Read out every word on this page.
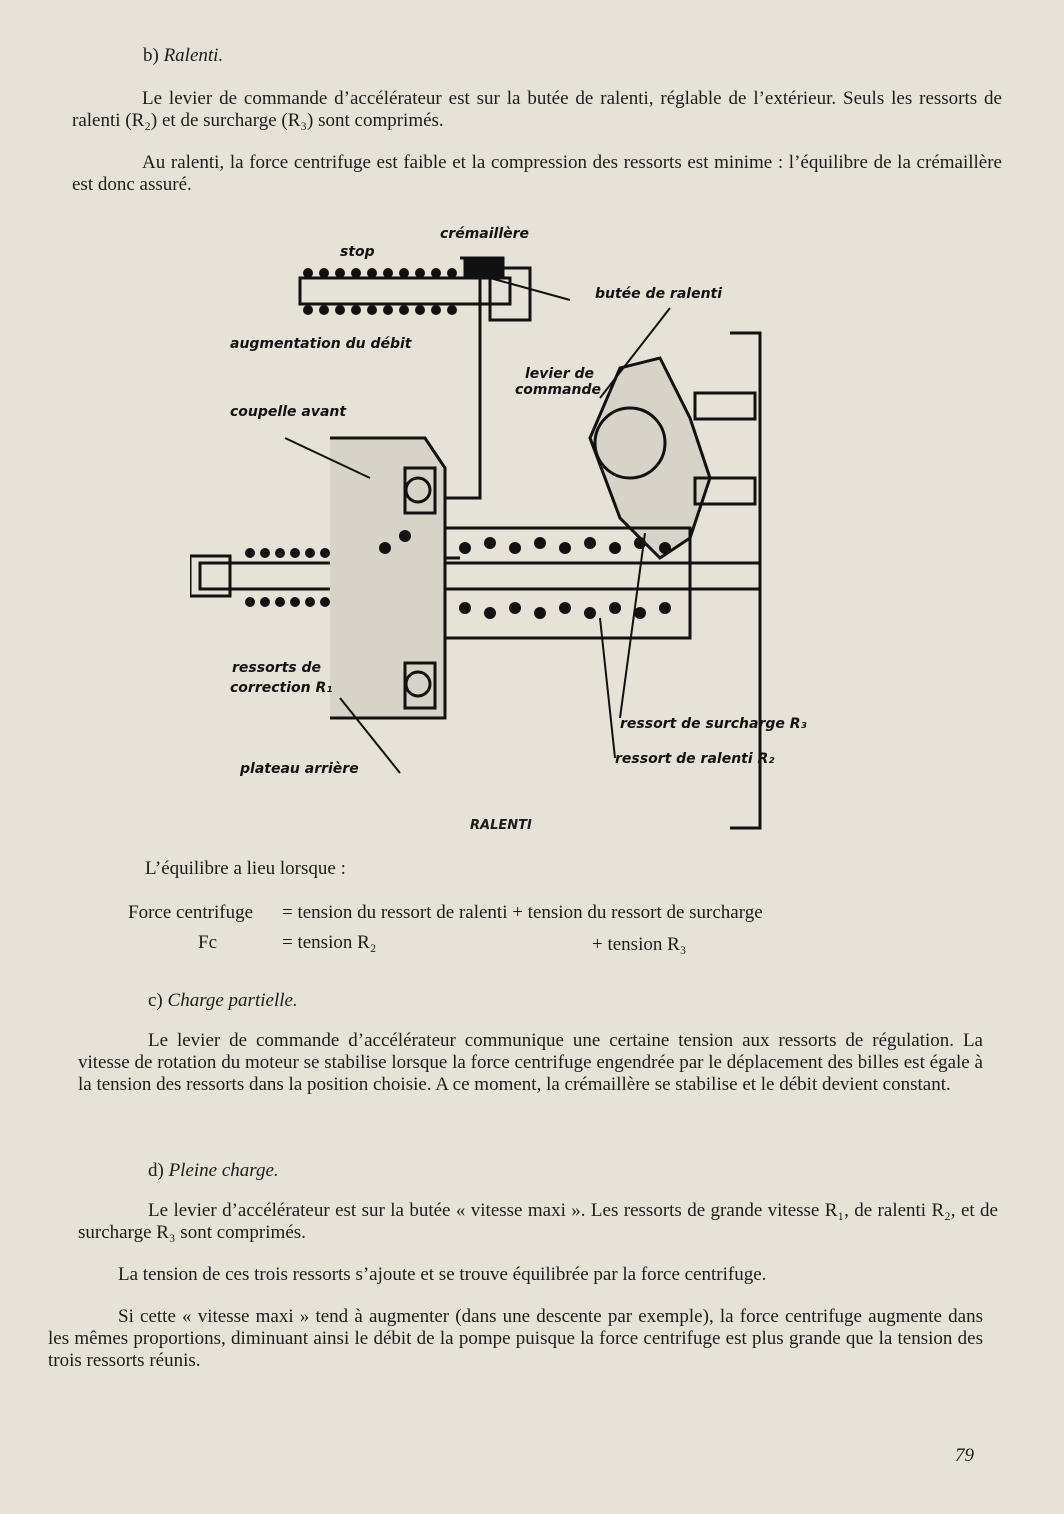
b) Ralenti.

Le levier de commande d’accélérateur est sur la butée de ralenti, réglable de l’extérieur. Seuls les ressorts de ralenti (R₂) et de surcharge (R₃) sont comprimés.

Au ralenti, la force centrifuge est faible et la compression des ressorts est minime : l’équilibre de la crémaillère est donc assuré.

crémaillère
stop
butée de ralenti
augmentation du débit
levier de
commande
coupelle avant
ressorts de
correction R₁
ressort de surcharge R₃
ressort de ralenti R₂
plateau arrière
RALENTI

L’équilibre a lieu lorsque :

Force centrifuge = tension du ressort de ralenti + tension du ressort de surcharge
Fc	= tension R₂	+ tension R₃
c) Charge partielle.

Le levier de commande d’accélérateur communique une certaine tension aux ressorts de régulation. La vitesse de rotation du moteur se stabilise lorsque la force centrifuge engendrée par le déplacement des billes est égale à la tension des ressorts dans la position choisie. A ce moment, la crémaillère se stabilise et le débit devient constant.

d) Pleine charge.

Le levier d’accélérateur est sur la butée « vitesse maxi ». Les ressorts de grande vitesse R₁, de ralenti R₂, et de surcharge R₃ sont comprimés.

La tension de ces trois ressorts s’ajoute et se trouve équilibrée par la force centrifuge.

Si cette « vitesse maxi » tend à augmenter (dans une descente par exemple), la force centrifuge augmente dans les mêmes proportions, diminuant ainsi le débit de la pompe puisque la force centrifuge est plus grande que la tension des trois ressorts réunis.

79
